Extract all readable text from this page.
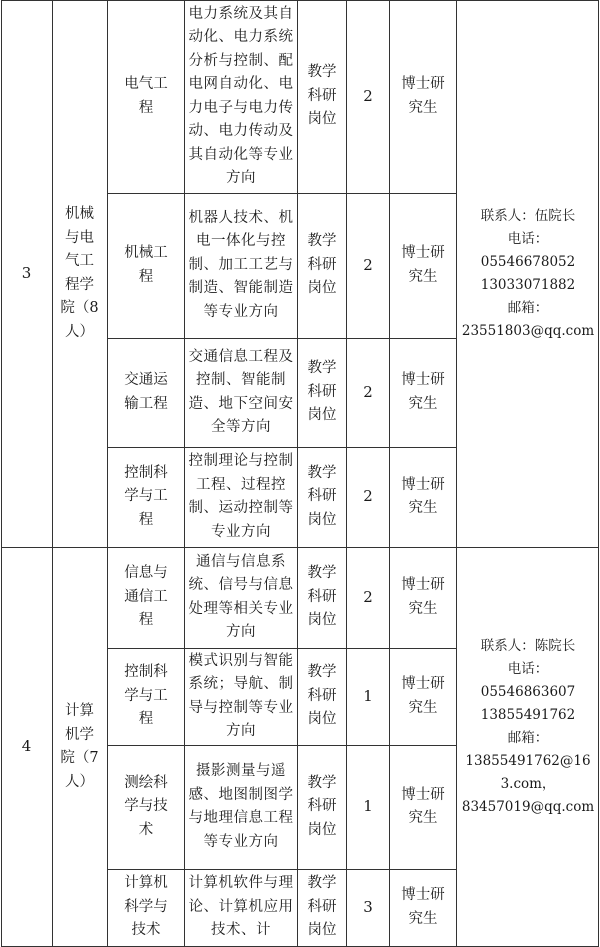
3
机械与电气工程学院（8人）
联系人：伍院长
电话：
05546678052
13033071882
邮箱：
23551803@qq.com
电气工程
电力系统及其自动化、电力系统分析与控制、配电网自动化、电力电子与电力传动、电力传动及其自动化等专业方向
教学科研岗位
2
博士研究生
机械工程
机器人技术、机电一体化与控制、加工工艺与制造、智能制造等专业方向
教学科研岗位
2
博士研究生
交通运输工程
交通信息工程及控制、智能制造、地下空间安全等方向
教学科研岗位
2
博士研究生
控制科学与工程
控制理论与控制工程、过程控制、运动控制等专业方向
教学科研岗位
2
博士研究生
4
计算机学院（7人）
联系人：陈院长
电话：
05546863607
13855491762
邮箱：
13855491762@163.com，
83457019@qq.com
信息与通信工程
通信与信息系统、信号与信息处理等相关专业方向
教学科研岗位
2
博士研究生
控制科学与工程
模式识别与智能系统；导航、制导与控制等专业方向
教学科研岗位
1
博士研究生
测绘科学与技术
摄影测量与遥感、地图制图学与地理信息工程等专业方向
教学科研岗位
1
博士研究生
计算机科学与技术
计算机软件与理论、计算机应用技术、计
教学科研岗位
3
博士研究生
